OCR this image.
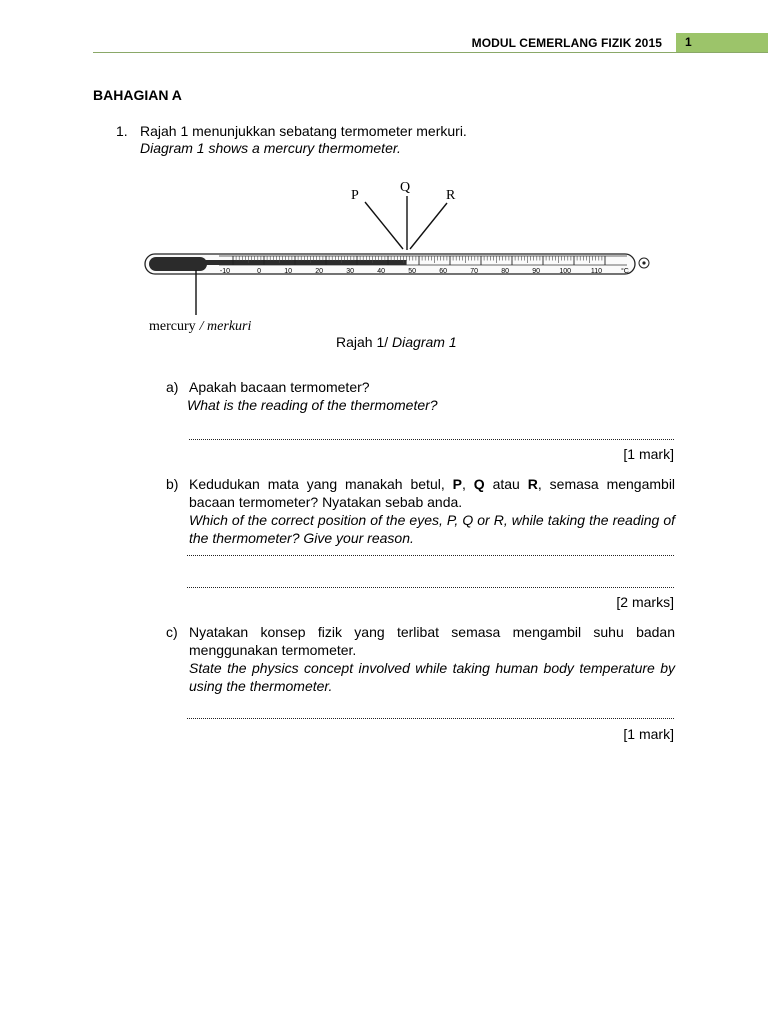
MODUL CEMERLANG FIZIK 2015	1
BAHAGIAN A
1. Rajah 1 menunjukkan sebatang termometer merkuri.
Diagram 1 shows a mercury thermometer.
P
Q
R
-10	0	10	20	30	40	50	60	70	80	90	100	110	°C
mercury / merkuri
Rajah 1/ Diagram 1
a) Apakah bacaan termometer?
What is the reading of the thermometer?
[1 mark]
b) Kedudukan mata yang manakah betul, P, Q atau R, semasa mengambil bacaan termometer? Nyatakan sebab anda.
Which of the correct position of the eyes, P, Q or R, while taking the reading of the thermometer? Give your reason.
[2 marks]
c) Nyatakan konsep fizik yang terlibat semasa mengambil suhu badan menggunakan termometer.
State the physics concept involved while taking human body temperature by using the thermometer.
[1 mark]
